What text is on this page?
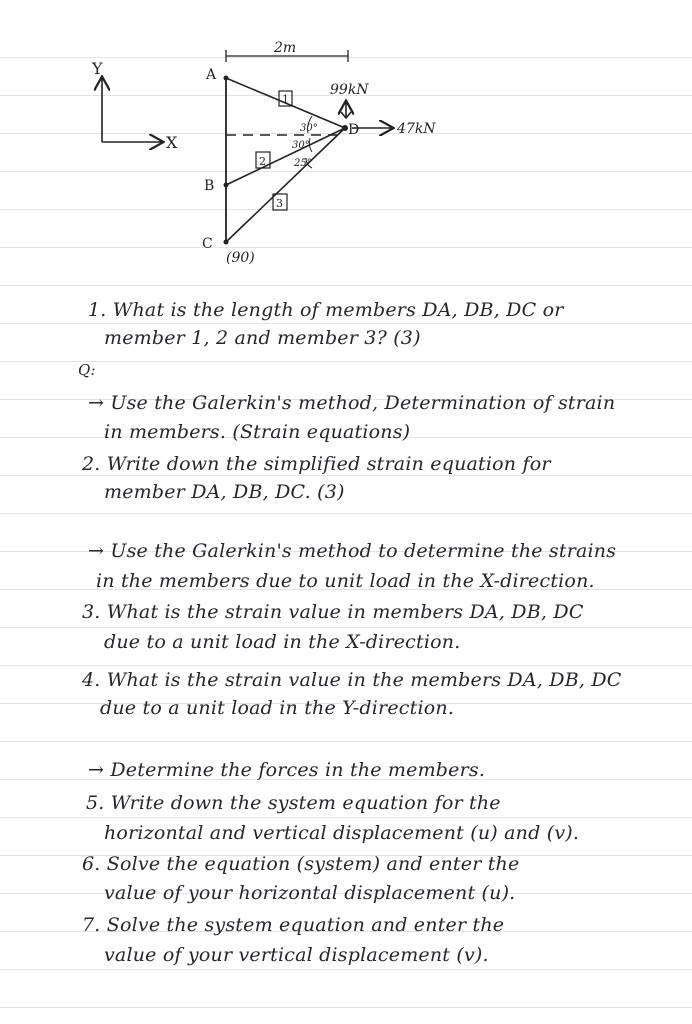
Y
X
2m
30°
30°
25°
A
B
C
D
(90)
1
2
3
99kN
47kN
1. What is the length of members DA, DB, DC or
member 1, 2 and member 3? (3)
Q:
→ Use the Galerkin's method, Determination of strain
in members. (Strain equations)
2. Write down the simplified strain equation for
member DA, DB, DC. (3)
→ Use the Galerkin's method to determine the strains
in the members due to unit load in the X-direction.
3. What is the strain value in members DA, DB, DC
due to a unit load in the X-direction.
4. What is the strain value in the members DA, DB, DC
due to a unit load in the Y-direction.
→ Determine the forces in the members.
5. Write down the system equation for the
horizontal and vertical displacement (u) and (v).
6. Solve the equation (system) and enter the
value of your horizontal displacement (u).
7. Solve the system equation and enter the
value of your vertical displacement (v).
